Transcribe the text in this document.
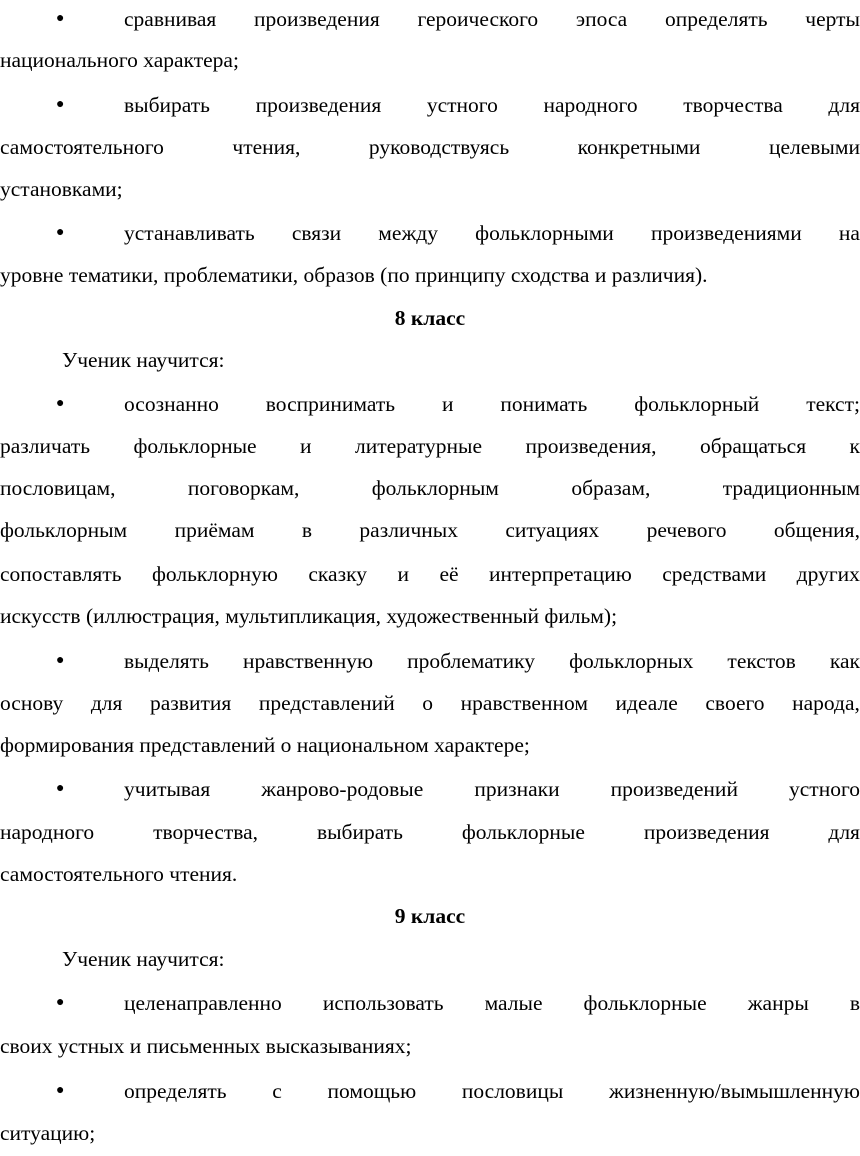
●	сравнивая произведения героического эпоса определять черты
национального характера;
●	выбирать произведения устного народного творчества для
самостоятельного	чтения,	руководствуясь	конкретными	целевыми
установками;
●	устанавливать связи между фольклорными произведениями на
уровне тематики, проблематики, образов (по принципу сходства и различия).
8 класс
Ученик научится:
●	осознанно воспринимать и понимать фольклорный текст;
различать фольклорные и литературные произведения, обращаться к
пословицам,	поговоркам,	фольклорным	образам,	традиционным
фольклорным приёмам в различных ситуациях речевого общения,
сопоставлять фольклорную сказку и её интерпретацию средствами других
искусств (иллюстрация, мультипликация, художественный фильм);
●	выделять нравственную проблематику фольклорных текстов как
основу для развития представлений о нравственном идеале своего народа,
формирования представлений о национальном характере;
●	учитывая жанрово-родовые признаки произведений устного
народного	творчества,	выбирать	фольклорные	произведения	для
самостоятельного чтения.
9 класс
Ученик научится:
●	целенаправленно использовать малые фольклорные жанры в
своих устных и письменных высказываниях;
●	определять с помощью пословицы жизненную/вымышленную
ситуацию;
